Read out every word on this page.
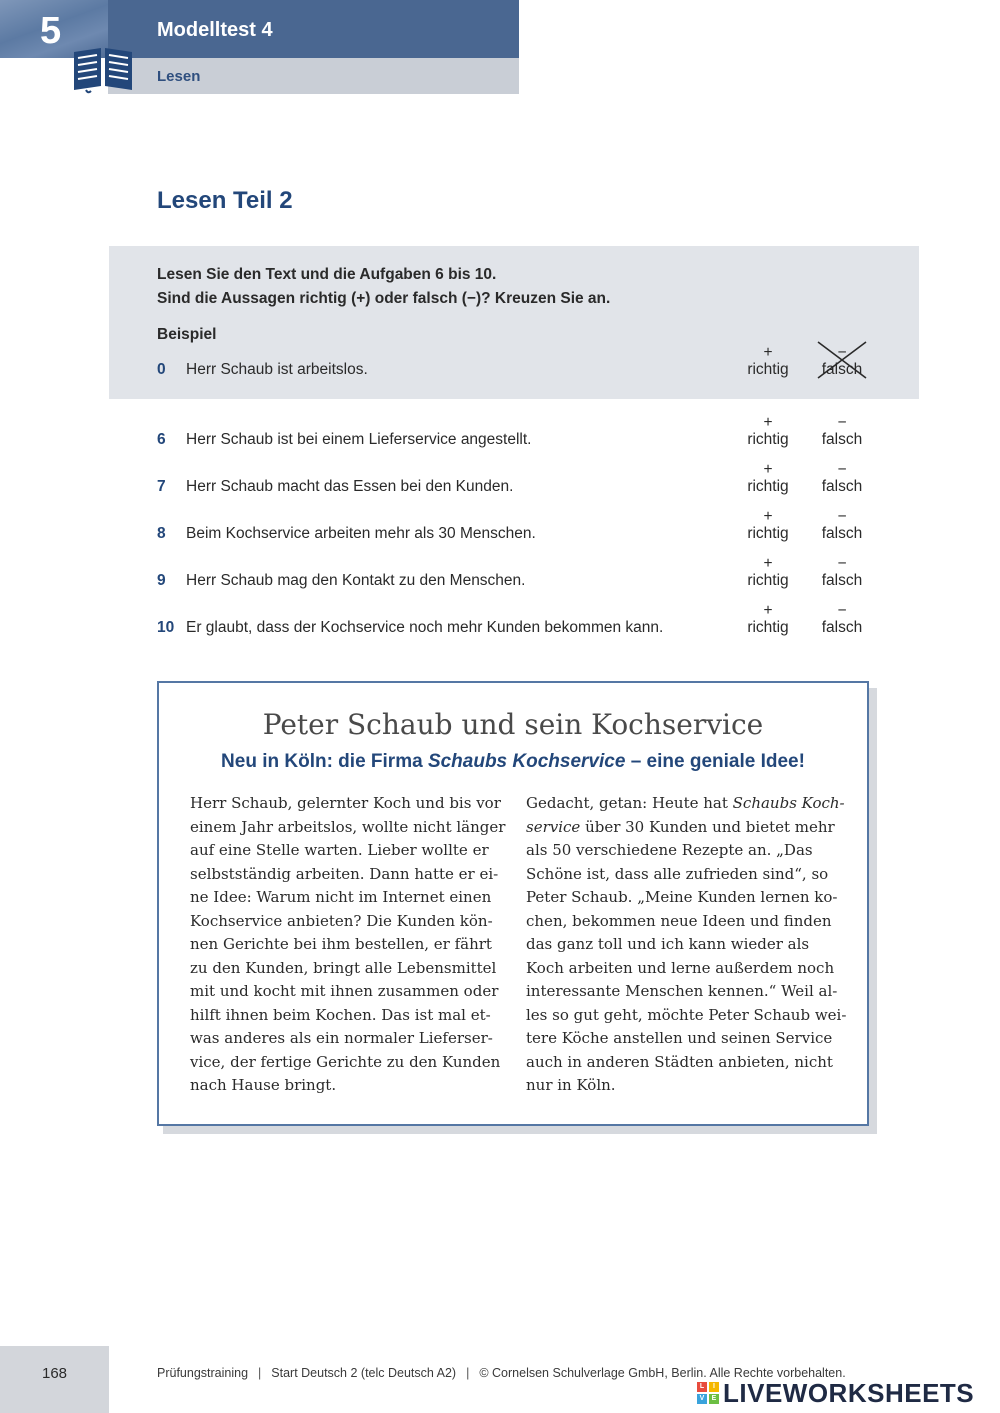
5	Modelltest 4
Lesen
Lesen Teil 2
Lesen Sie den Text und die Aufgaben 6 bis 10.
Sind die Aussagen richtig (+) oder falsch (−)? Kreuzen Sie an.
Beispiel
0 Herr Schaub ist arbeitslos.
+
richtig
−
falsch
6 Herr Schaub ist bei einem Lieferservice angestellt.
+
richtig
−
falsch
7 Herr Schaub macht das Essen bei den Kunden.
+
richtig
−
falsch
8 Beim Kochservice arbeiten mehr als 30 Menschen.
+
richtig
−
falsch
9 Herr Schaub mag den Kontakt zu den Menschen.
+
richtig
−
falsch
10 Er glaubt, dass der Kochservice noch mehr Kunden bekommen kann.
+
richtig
−
falsch
Peter Schaub und sein Kochservice
Neu in Köln: die Firma Schaubs Kochservice – eine geniale Idee!
Herr Schaub, gelernter Koch und bis vor
einem Jahr arbeitslos, wollte nicht länger
auf eine Stelle warten. Lieber wollte er
selbstständig arbeiten. Dann hatte er ei-
ne Idee: Warum nicht im Internet einen
Kochservice anbieten? Die Kunden kön-
nen Gerichte bei ihm bestellen, er fährt
zu den Kunden, bringt alle Lebensmittel
mit und kocht mit ihnen zusammen oder
hilft ihnen beim Kochen. Das ist mal et-
was anderes als ein normaler Lieferser-
vice, der fertige Gerichte zu den Kunden
nach Hause bringt.
Gedacht, getan: Heute hat Schaubs Koch-
service über 30 Kunden und bietet mehr
als 50 verschiedene Rezepte an. „Das
Schöne ist, dass alle zufrieden sind“, so
Peter Schaub. „Meine Kunden lernen ko-
chen, bekommen neue Ideen und finden
das ganz toll und ich kann wieder als
Koch arbeiten und lerne außerdem noch
interessante Menschen kennen.“ Weil al-
les so gut geht, möchte Peter Schaub wei-
tere Köche anstellen und seinen Service
auch in anderen Städten anbieten, nicht
nur in Köln.
168	Prüfungstraining | Start Deutsch 2 (telc Deutsch A2) | © Cornelsen Schulverlage GmbH, Berlin. Alle Rechte vorbehalten.
L	I
V	E LIVEWORKSHEETS
